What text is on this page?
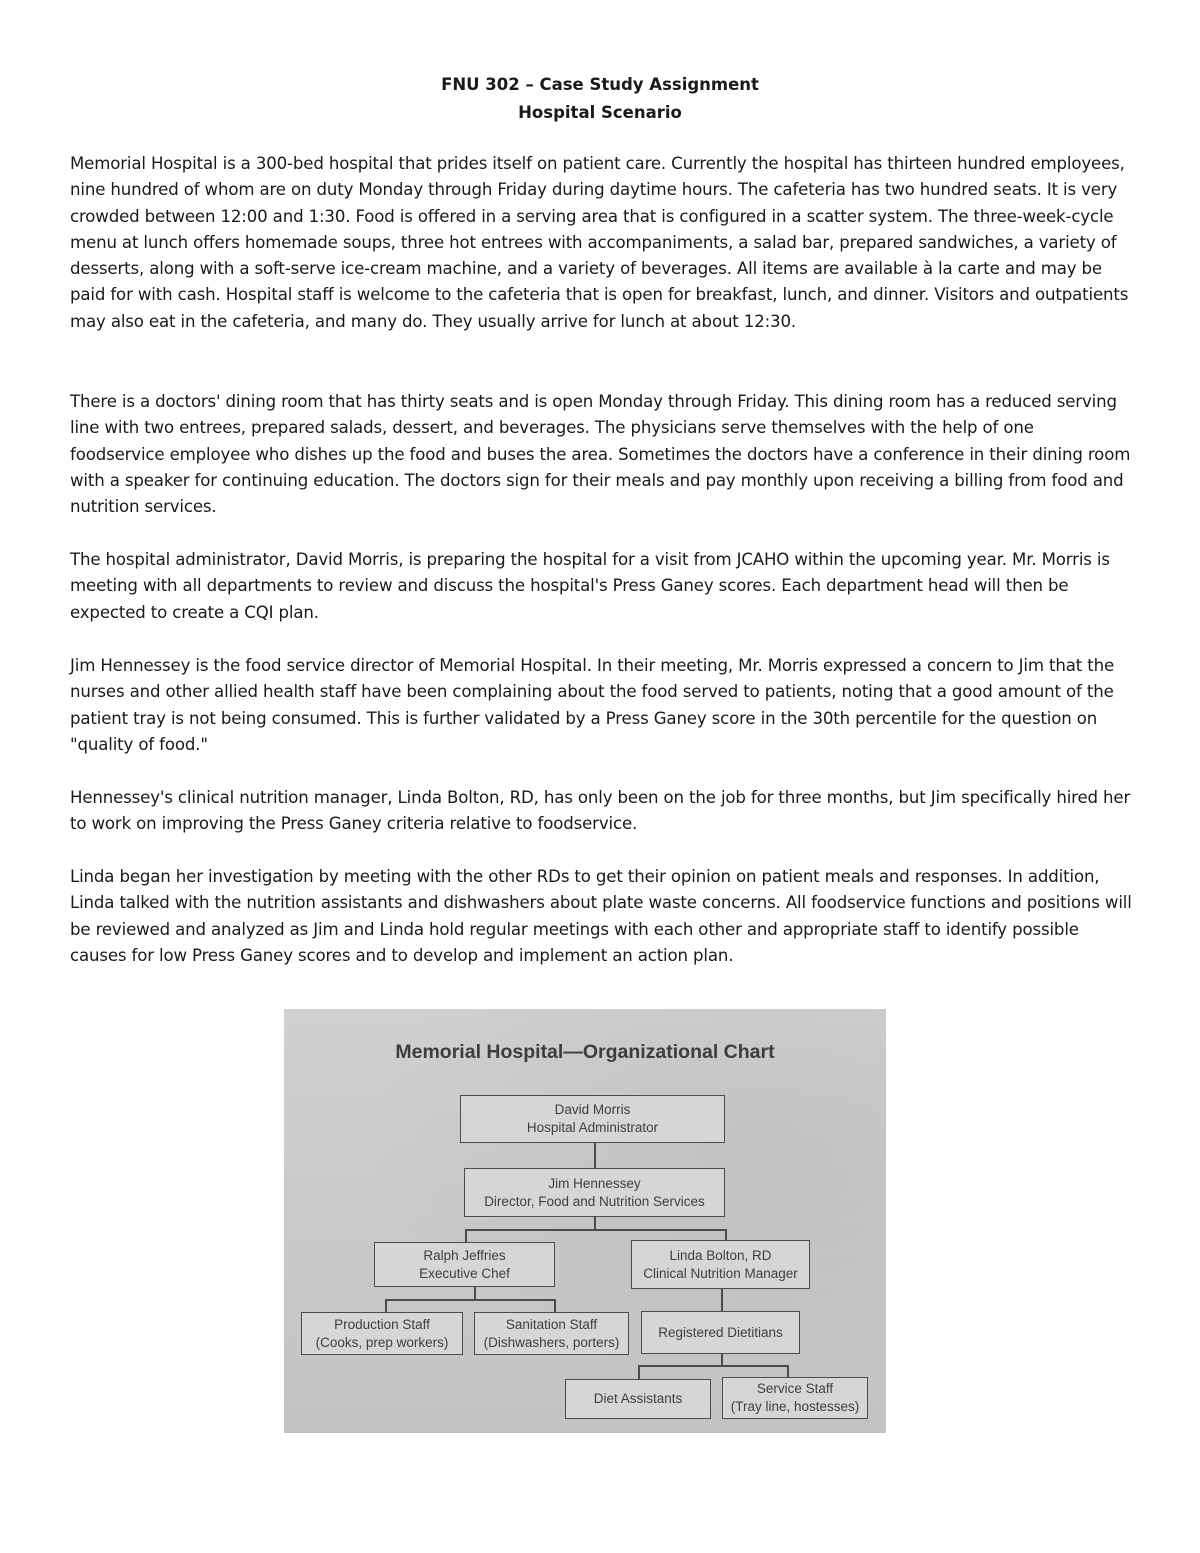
FNU 302 – Case Study Assignment
Hospital Scenario

Memorial Hospital is a 300-bed hospital that prides itself on patient care. Currently the hospital has thirteen hundred employees, nine hundred of whom are on duty Monday through Friday during daytime hours. The cafeteria has two hundred seats. It is very crowded between 12:00 and 1:30. Food is offered in a serving area that is configured in a scatter system. The three-week-cycle menu at lunch offers homemade soups, three hot entrees with accompaniments, a salad bar, prepared sandwiches, a variety of desserts, along with a soft-serve ice-cream machine, and a variety of beverages. All items are available à la carte and may be paid for with cash. Hospital staff is welcome to the cafeteria that is open for breakfast, lunch, and dinner. Visitors and outpatients may also eat in the cafeteria, and many do. They usually arrive for lunch at about 12:30.

There is a doctors' dining room that has thirty seats and is open Monday through Friday. This dining room has a reduced serving line with two entrees, prepared salads, dessert, and beverages. The physicians serve themselves with the help of one foodservice employee who dishes up the food and buses the area. Sometimes the doctors have a conference in their dining room with a speaker for continuing education. The doctors sign for their meals and pay monthly upon receiving a billing from food and nutrition services.

The hospital administrator, David Morris, is preparing the hospital for a visit from JCAHO within the upcoming year. Mr. Morris is meeting with all departments to review and discuss the hospital's Press Ganey scores. Each department head will then be expected to create a CQI plan.

Jim Hennessey is the food service director of Memorial Hospital. In their meeting, Mr. Morris expressed a concern to Jim that the nurses and other allied health staff have been complaining about the food served to patients, noting that a good amount of the patient tray is not being consumed. This is further validated by a Press Ganey score in the 30th percentile for the question on "quality of food."

Hennessey's clinical nutrition manager, Linda Bolton, RD, has only been on the job for three months, but Jim specifically hired her to work on improving the Press Ganey criteria relative to foodservice.

Linda began her investigation by meeting with the other RDs to get their opinion on patient meals and responses. In addition, Linda talked with the nutrition assistants and dishwashers about plate waste concerns. All foodservice functions and positions will be reviewed and analyzed as Jim and Linda hold regular meetings with each other and appropriate staff to identify possible causes for low Press Ganey scores and to develop and implement an action plan.

Memorial Hospital—Organizational Chart
David Morris
Hospital Administrator
Jim Hennessey
Director, Food and Nutrition Services
Ralph Jeffries
Executive Chef
Linda Bolton, RD
Clinical Nutrition Manager
Production Staff
(Cooks, prep workers)
Sanitation Staff
(Dishwashers, porters)
Registered Dietitians
Diet Assistants
Service Staff
(Tray line, hostesses)
